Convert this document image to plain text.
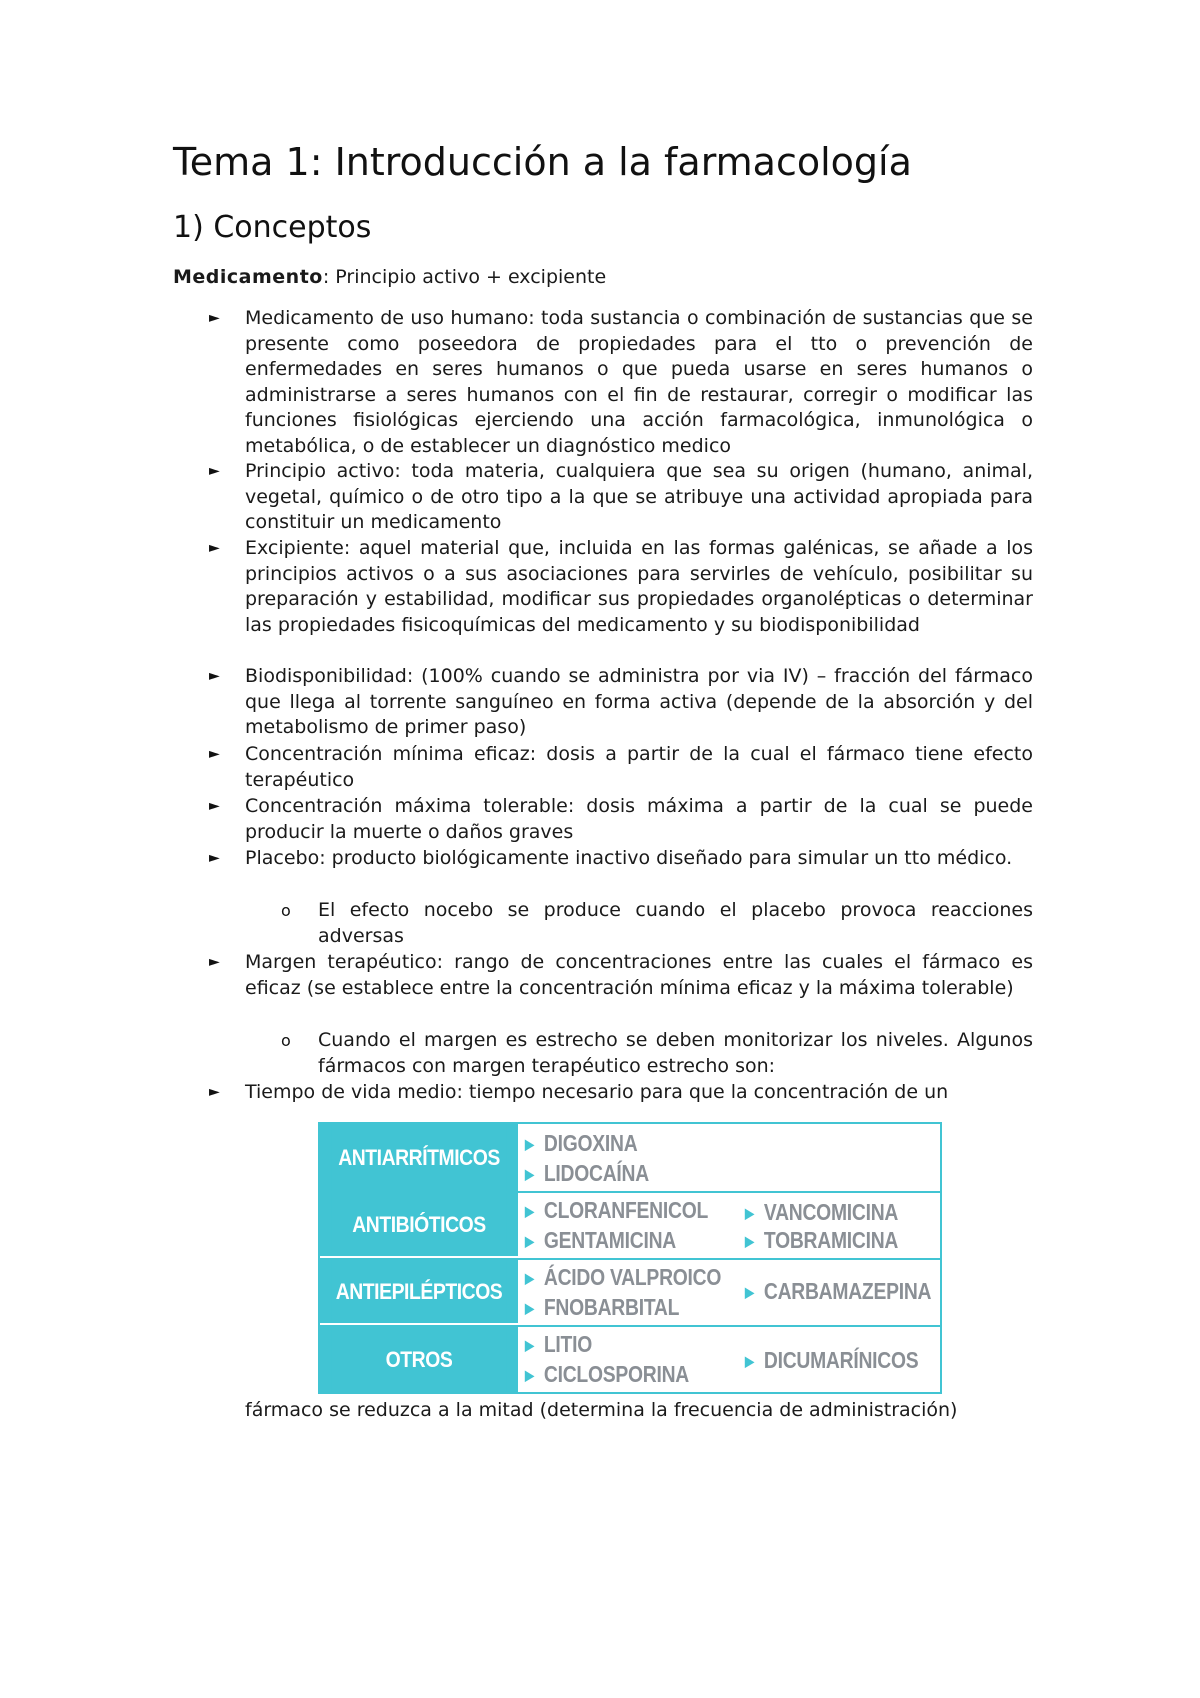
Tema 1: Introducción a la farmacología
1) Conceptos

Medicamento: Principio activo + excipiente

► Medicamento de uso humano: toda sustancia o combinación de sustancias que se presente como poseedora de propiedades para el tto o prevención de enfermedades en seres humanos o que pueda usarse en seres humanos o administrarse a seres humanos con el fin de restaurar, corregir o modificar las funciones fisiológicas ejerciendo una acción farmacológica, inmunológica o metabólica, o de establecer un diagnóstico medico
► Principio activo: toda materia, cualquiera que sea su origen (humano, animal, vegetal, químico o de otro tipo a la que se atribuye una actividad apropiada para constituir un medicamento
► Excipiente: aquel material que, incluida en las formas galénicas, se añade a los principios activos o a sus asociaciones para servirles de vehículo, posibilitar su preparación y estabilidad, modificar sus propiedades organolépticas o determinar las propiedades fisicoquímicas del medicamento y su biodisponibilidad
► Biodisponibilidad: (100% cuando se administra por via IV) – fracción del fármaco que llega al torrente sanguíneo en forma activa (depende de la absorción y del metabolismo de primer paso)
► Concentración mínima eficaz: dosis a partir de la cual el fármaco tiene efecto terapéutico
► Concentración máxima tolerable: dosis máxima a partir de la cual se puede producir la muerte o daños graves
► Placebo: producto biológicamente inactivo diseñado para simular un tto médico.
o El efecto nocebo se produce cuando el placebo provoca reacciones adversas
► Margen terapéutico: rango de concentraciones entre las cuales el fármaco es eficaz (se establece entre la concentración mínima eficaz y la máxima tolerable)
o Cuando el margen es estrecho se deben monitorizar los niveles. Algunos fármacos con margen terapéutico estrecho son:
► Tiempo de vida medio: tiempo necesario para que la concentración de un
ANTIARRÍTMICOS
▶ DIGOXINA
▶ LIDOCAÍNA
ANTIBIÓTICOS
▶ CLORANFENICOL
▶ GENTAMICINA
▶ VANCOMICINA
▶ TOBRAMICINA
ANTIEPILÉPTICOS
▶ ÁCIDO VALPROICO
▶ FNOBARBITAL
▶ CARBAMAZEPINA
OTROS
▶ LITIO
▶ CICLOSPORINA	▶ DICUMARÍNICOS

fármaco se reduzca a la mitad (determina la frecuencia de administración)
